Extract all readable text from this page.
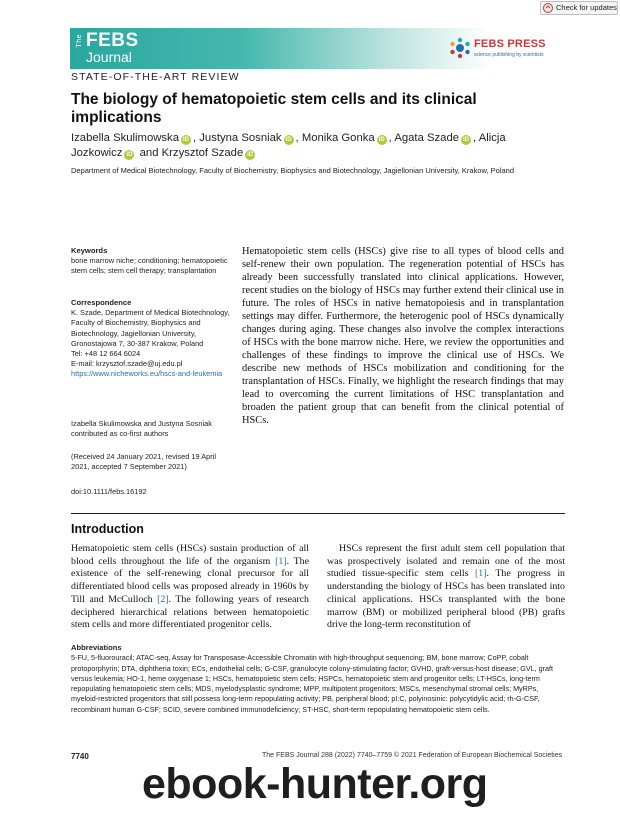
Check for updates
The FEBS
Journal
FEBS PRESS
science publishing by scientists
STATE-OF-THE-ART REVIEW
The biology of hematopoietic stem cells and its clinical implications
Izabella Skulimowska iD , Justyna Sosniak iD , Monika Gonka iD , Agata Szade iD , Alicja Jozkowicz iD and Krzysztof Szade iD
Department of Medical Biotechnology, Faculty of Biochemistry, Biophysics and Biotechnology, Jagiellonian University, Krakow, Poland
Keywords
bone marrow niche; conditioning; hematopoietic stem cells; stem cell therapy; transplantation
Correspondence
K. Szade, Department of Medical Biotechnology, Faculty of Biochemistry, Biophysics and Biotechnology, Jagiellonian University, Gronostajowa 7, 30-387 Krakow, Poland
Tel: +48 12 664 6024
E-mail: krzysztof.szade@uj.edu.pl
https://www.nicheworks.eu/hscs-and-leukemia
Izabella Skulimowska and Justyna Sosniak contributed as co-first authors
(Received 24 January 2021, revised 19 April 2021, accepted 7 September 2021)
doi:10.1111/febs.16192
Hematopoietic stem cells (HSCs) give rise to all types of blood cells and self-renew their own population. The regeneration potential of HSCs has already been successfully translated into clinical applications. However, recent studies on the biology of HSCs may further extend their clinical use in future. The roles of HSCs in native hematopoiesis and in transplantation settings may differ. Furthermore, the heterogenic pool of HSCs dynamically changes during aging. These changes also involve the complex interactions of HSCs with the bone marrow niche. Here, we review the opportunities and challenges of these findings to improve the clinical use of HSCs. We describe new methods of HSCs mobilization and conditioning for the transplantation of HSCs. Finally, we highlight the research findings that may lead to overcoming the current limitations of HSC transplantation and broaden the patient group that can benefit from the clinical potential of HSCs.
Introduction
Hematopoietic stem cells (HSCs) sustain production of all blood cells throughout the life of the organism [1]. The existence of the self-renewing clonal precursor for all differentiated blood cells was proposed already in 1960s by Till and McCulloch [2]. The following years of research deciphered hierarchical relations between hematopoietic stem cells and more differentiated progenitor cells.
HSCs represent the first adult stem cell population that was prospectively isolated and remain one of the most studied tissue-specific stem cells [1]. The progress in understanding the biology of HSCs has been translated into clinical applications. HSCs transplanted with the bone marrow (BM) or mobilized peripheral blood (PB) grafts drive the long-term reconstitution of
Abbreviations
5-FU, 5-fluorouracil; ATAC-seq, Assay for Transposase-Accessible Chromatin with high-throughput sequencing; BM, bone marrow; CoPP, cobalt protoporphyrin; DTA, diphtheria toxin; ECs, endothelial cells; G-CSF, granulocyte colony-stimulating factor; GVHD, graft-versus-host disease; GVL, graft versus leukemia; HO-1, heme oxygenase 1; HSCs, hematopoietic stem cells; HSPCs, hematopoietic stem and progenitor cells; LT-HSCs, long-term repopulating hematopoietic stem cells; MDS, myelodysplastic syndrome; MPP, multipotent progenitors; MSCs, mesenchymal stromal cells; MyRPs, myeloid-restricted progenitors that still possess long-term repopulating activity; PB, peripheral blood; pI:C, polyinosinic: polycytidylic acid; rh-G-CSF, recombinant human G-CSF; SCID, severe combined immunodeficiency; ST-HSC, short-term repopulating hematopoietic stem cells.
7740	The FEBS Journal 288 (2022) 7740–7759 © 2021 Federation of European Biochemical Societies
ebook-hunter.org
